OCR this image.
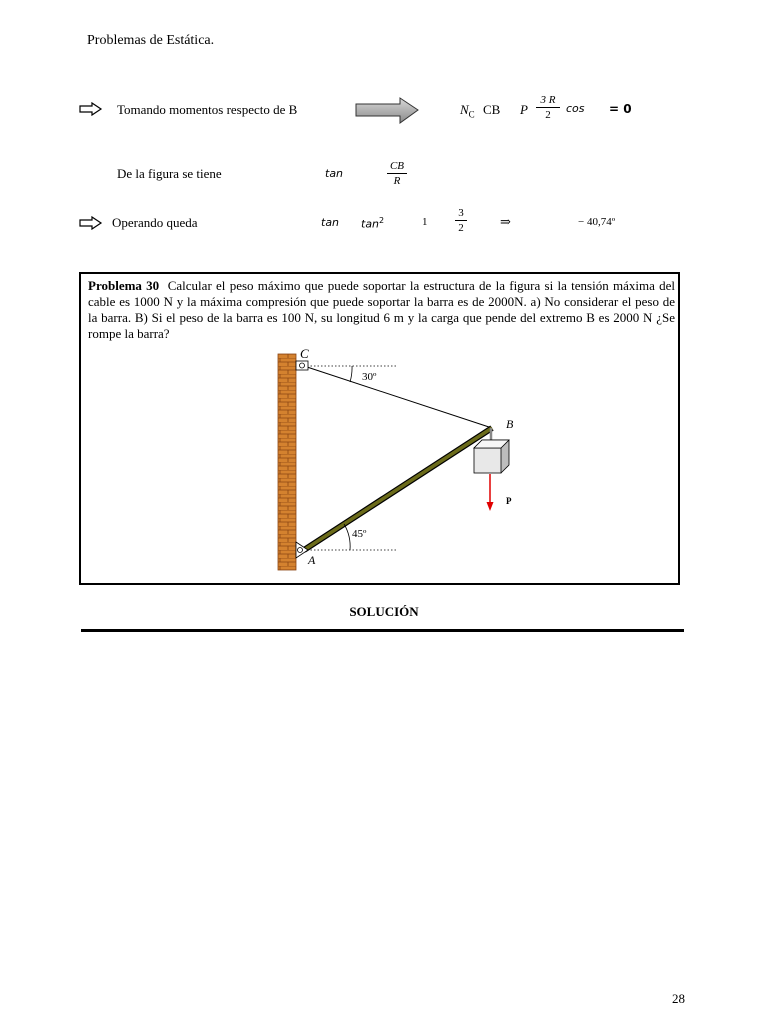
Problemas de Estática.
Tomando momentos respecto de B	$N_C$ CB P
3 R
2	cos = 0
De la figura se tiene	tan
CB
R
Operando queda	$\tan \tan^2$	1
3
2	⇒	− 40,74º
Problema 30 Calcular el peso máximo que puede soportar la estructura de la figura si la tensión máxima del cable es 1000 N y la máxima compresión que puede soportar la barra es de 2000N. a) No considerar el peso de la barra. B) Si el peso de la barra es 100 N, su longitud 6 m y la carga que pende del extremo B es 2000 N ¿Se rompe la barra?
C
B
A
P
30º
45º
SOLUCIÓN
28
